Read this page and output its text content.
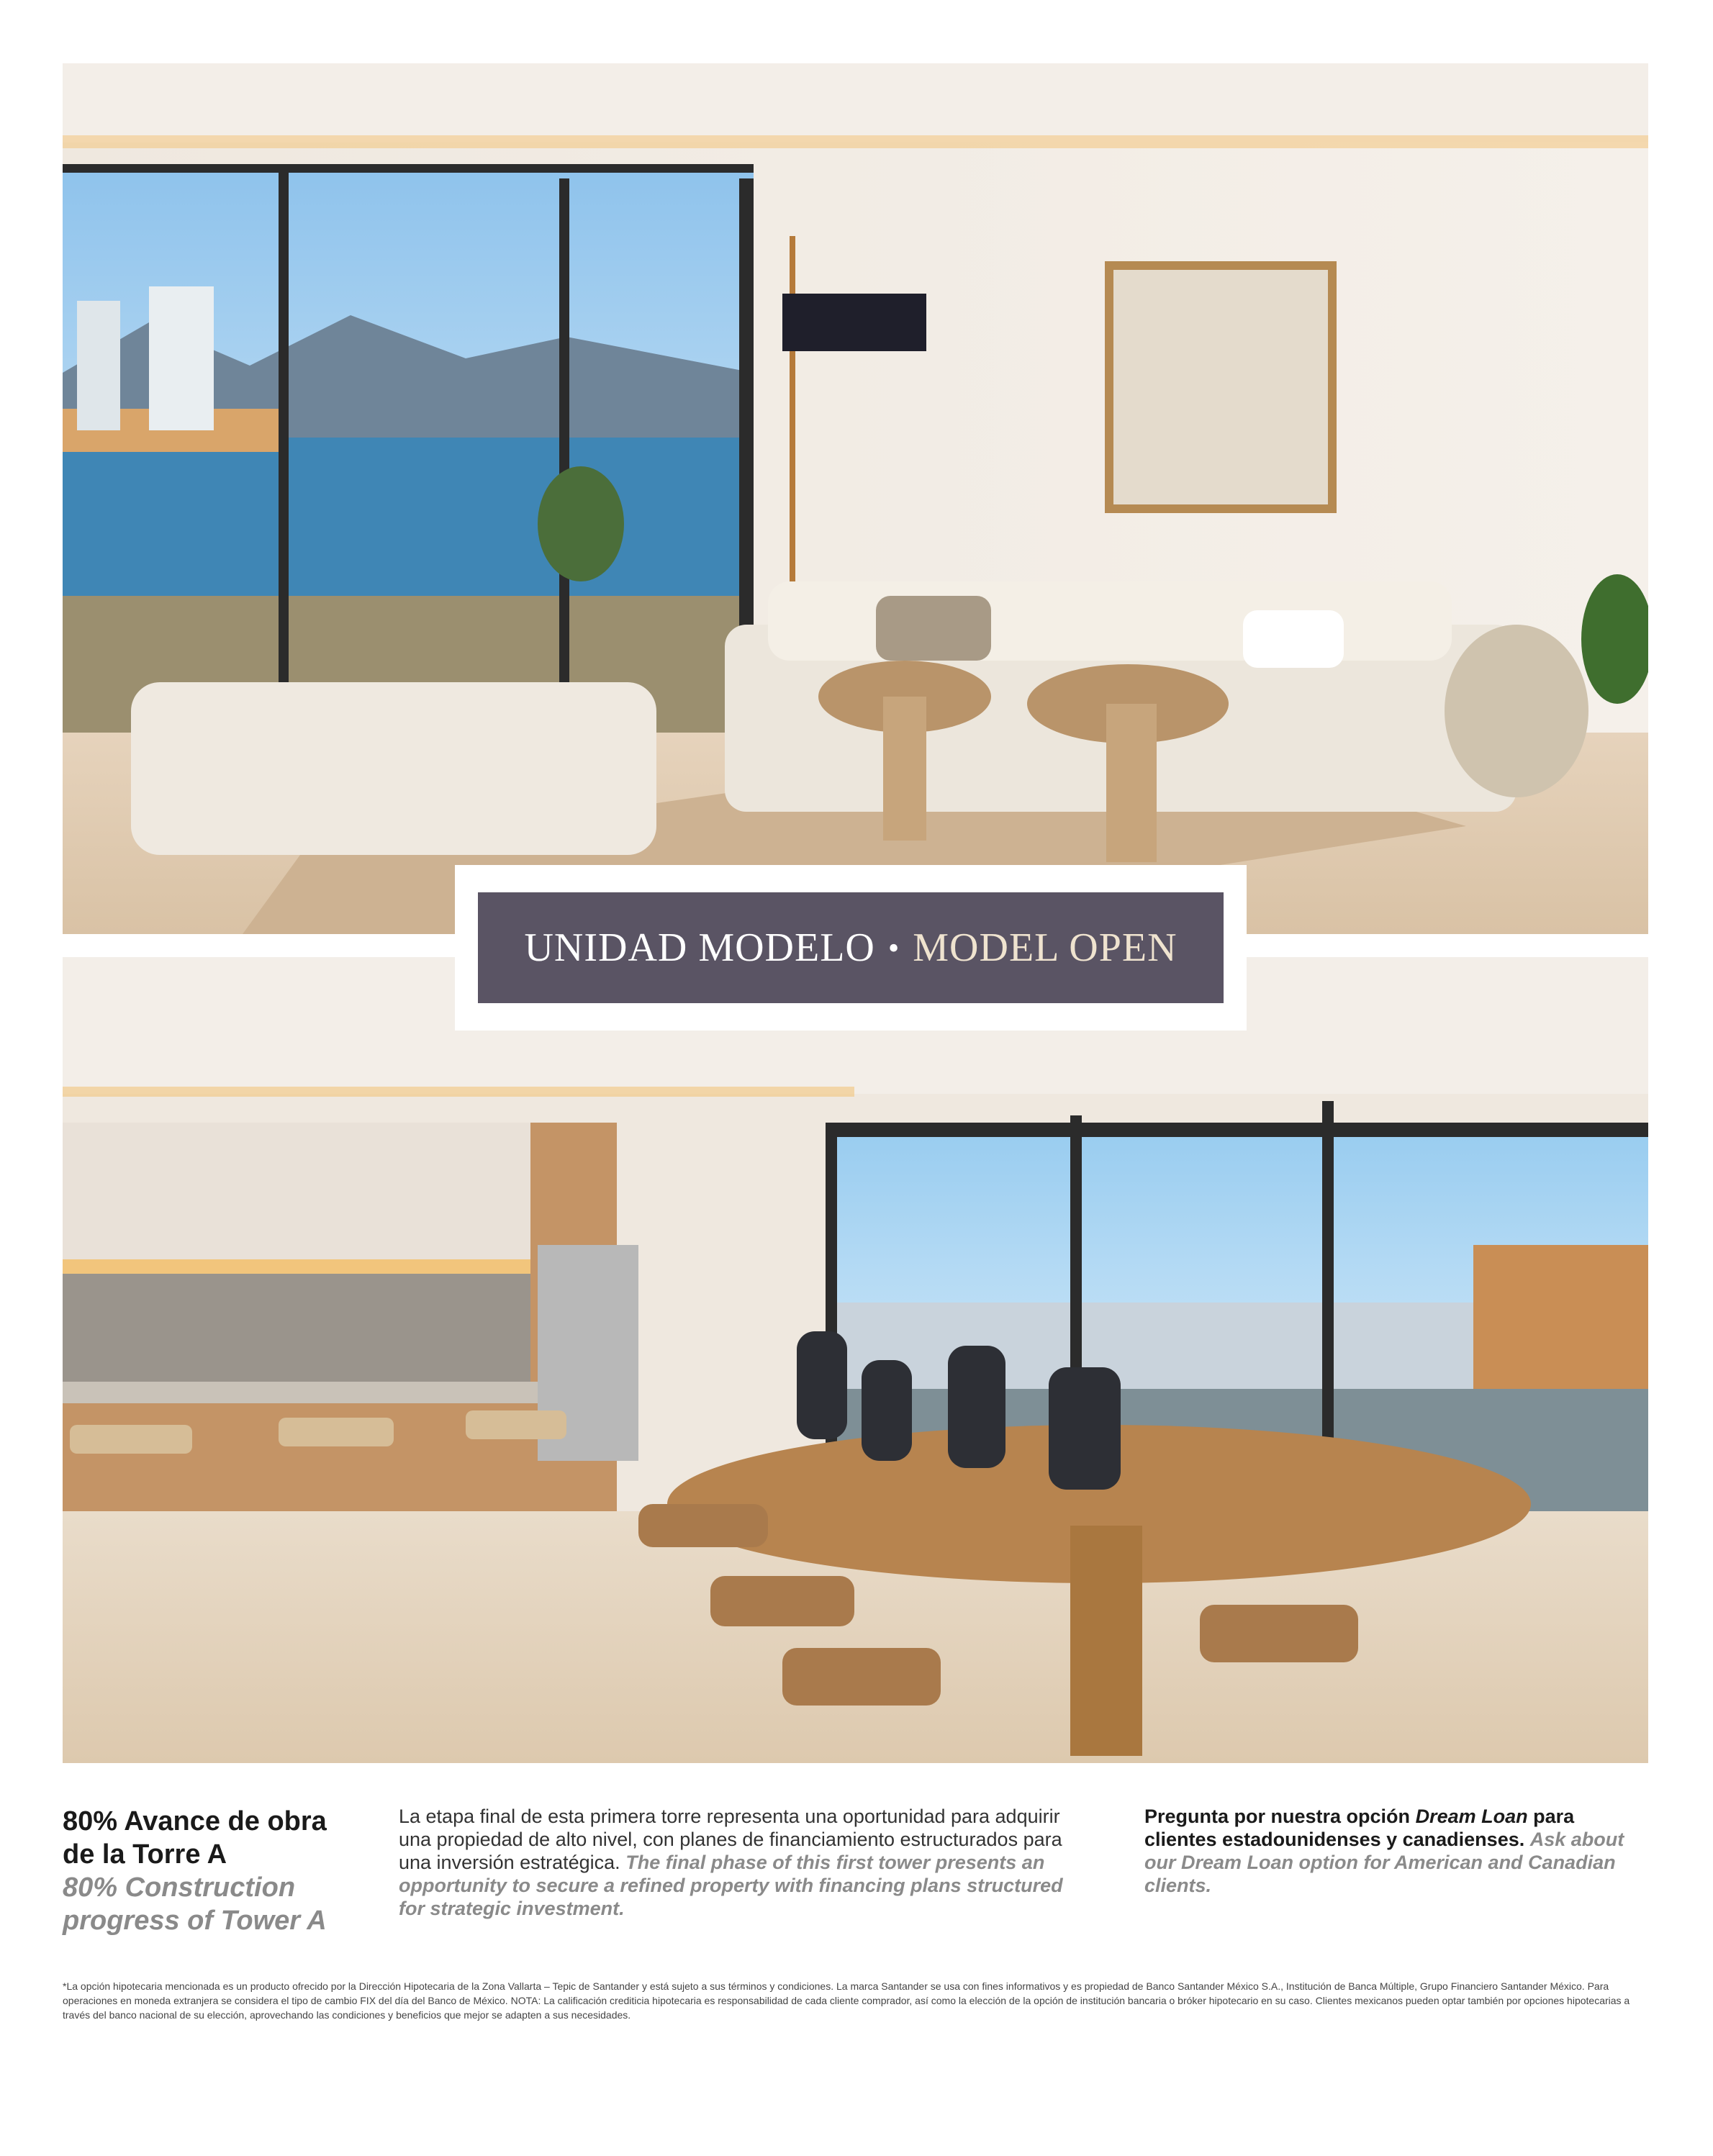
UNIDAD MODELO • MODEL OPEN

80% Avance de obra

de la Torre A

80% Construction

progress of Tower A

La etapa final de esta primera torre representa una oportunidad para adquirir una propiedad de alto nivel, con planes de financiamiento estructurados para una inversión estratégica. The final phase of this first tower presents an opportunity to secure a refined property with financing plans structured for strategic investment.

Pregunta por nuestra opción Dream Loan para clientes estadounidenses y canadienses. Ask about our Dream Loan option for American and Canadian clients.

*La opción hipotecaria mencionada es un producto ofrecido por la Dirección Hipotecaria de la Zona Vallarta – Tepic de Santander y está sujeto a sus términos y condiciones. La marca Santander se usa con fines informativos y es propiedad de Banco Santander México S.A., Institución de Banca Múltiple, Grupo Financiero Santander México. Para operaciones en moneda extranjera se considera el tipo de cambio FIX del día del Banco de México. NOTA: La calificación crediticia hipotecaria es responsabilidad de cada cliente comprador, así como la elección de la opción de institución bancaria o bróker hipotecario en su caso. Clientes mexicanos pueden optar también por opciones hipotecarias a través del banco nacional de su elección, aprovechando las condiciones y beneficios que mejor se adapten a sus necesidades.
